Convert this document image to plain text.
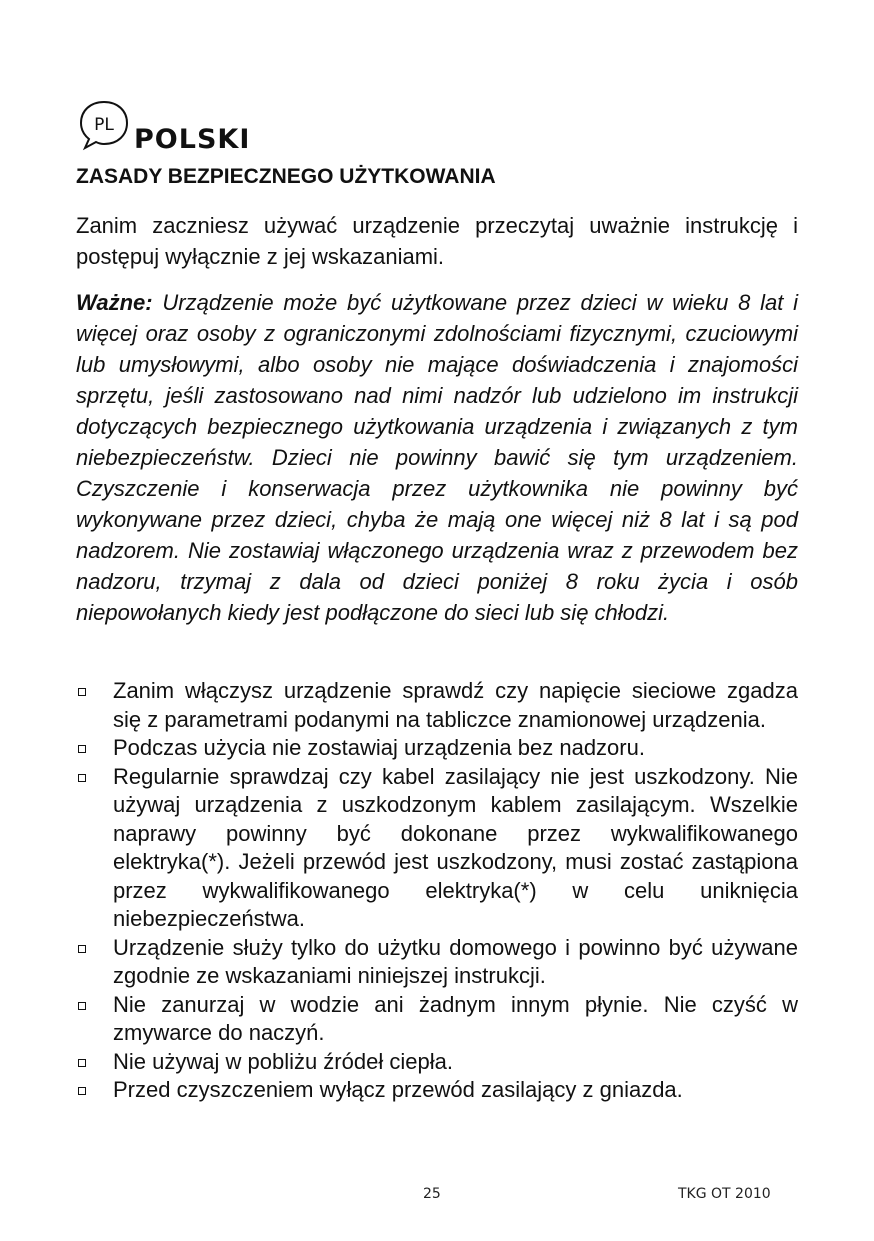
PL POLSKI
ZASADY BEZPIECZNEGO UŻYTKOWANIA

Zanim zaczniesz używać urządzenie przeczytaj uważnie instrukcję i postępuj wyłącznie z jej wskazaniami.

Ważne: Urządzenie może być użytkowane przez dzieci w wieku 8 lat i więcej oraz osoby z ograniczonymi zdolnościami fizycznymi, czuciowymi lub umysłowymi, albo osoby nie mające doświadczenia i znajomości sprzętu, jeśli zastosowano nad nimi nadzór lub udzielono im instrukcji dotyczących bezpiecznego użytkowania urządzenia i związanych z tym niebezpieczeństw. Dzieci nie powinny bawić się tym urządzeniem. Czyszczenie i konserwacja przez użytkownika nie powinny być wykonywane przez dzieci, chyba że mają one więcej niż 8 lat i są pod nadzorem. Nie zostawiaj włączonego urządzenia wraz z przewodem bez nadzoru, trzymaj z dala od dzieci poniżej 8 roku życia i osób niepowołanych kiedy jest podłączone do sieci lub się chłodzi.

Zanim włączysz urządzenie sprawdź czy napięcie sieciowe zgadza się z parametrami podanymi na tabliczce znamionowej urządzenia.
Podczas użycia nie zostawiaj urządzenia bez nadzoru.
Regularnie sprawdzaj czy kabel zasilający nie jest uszkodzony. Nie używaj urządzenia z uszkodzonym kablem zasilającym. Wszelkie naprawy powinny być dokonane przez wykwalifikowanego elektryka(*). Jeżeli przewód jest uszkodzony, musi zostać zastąpiona przez wykwalifikowanego elektryka(*) w celu uniknięcia niebezpieczeństwa.
Urządzenie służy tylko do użytku domowego i powinno być używane zgodnie ze wskazaniami niniejszej instrukcji.
Nie zanurzaj w wodzie ani żadnym innym płynie. Nie czyść w zmywarce do naczyń.
Nie używaj w pobliżu źródeł ciepła.
Przed czyszczeniem wyłącz przewód zasilający z gniazda.
25	TKG OT 2010
